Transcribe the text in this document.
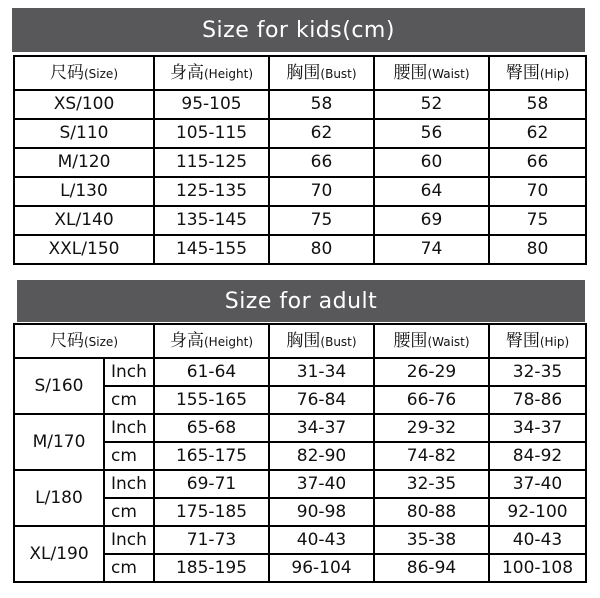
Size for kids(cm)
尺码(Size)	身高(Height)	胸围(Bust)	腰围(Waist)	臀围(Hip)
XS/100	95-105	58	52	58
S/110	105-115	62	56	62
M/120	115-125	66	60	66
L/130	125-135	70	64	70
XL/140	135-145	75	69	75
XXL/150	145-155	80	74	80
Size for adult
尺码(Size)		身高(Height)	胸围(Bust)	腰围(Waist)	臀围(Hip)
S/160	Inch	61-64	31-34	26-29	32-35
	cm	155-165	76-84	66-76	78-86
M/170	Inch	65-68	34-37	29-32	34-37
	cm	165-175	82-90	74-82	84-92
L/180	Inch	69-71	37-40	32-35	37-40
	cm	175-185	90-98	80-88	92-100
XL/190	Inch	71-73	40-43	35-38	40-43
	cm	185-195	96-104	86-94	100-108
